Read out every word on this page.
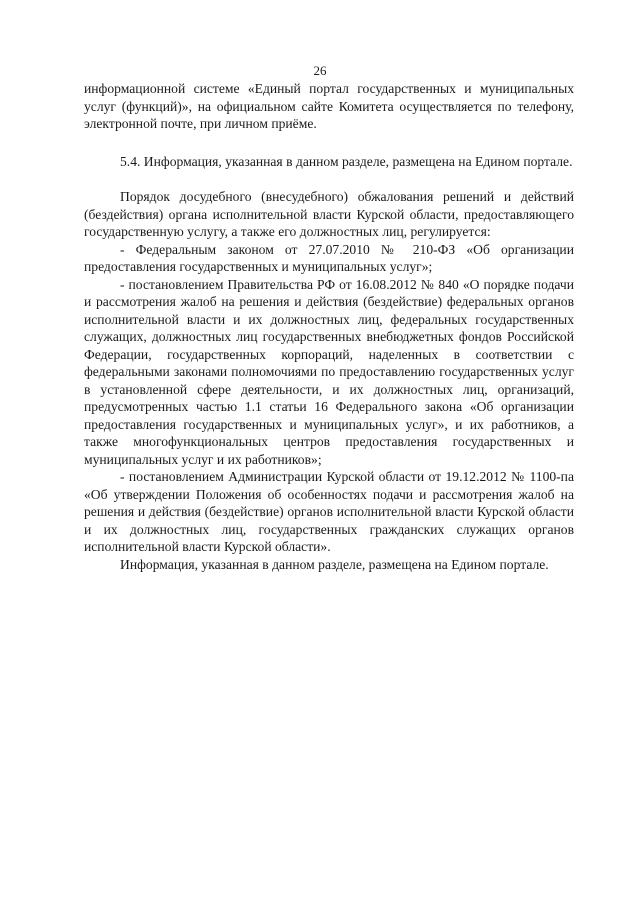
26

информационной системе «Единый портал государственных и муниципальных услуг (функций)», на официальном сайте Комитета осуществляется по телефону, электронной почте, при личном приёме.

5.4. Информация, указанная в данном разделе, размещена на Едином портале.

Порядок досудебного (внесудебного) обжалования решений и действий (бездействия) органа исполнительной власти Курской области, предоставляющего государственную услугу, а также его должностных лиц, регулируется:

- Федеральным законом от 27.07.2010 № 210-ФЗ «Об организации предоставления государственных и муниципальных услуг»;

- постановлением Правительства РФ от 16.08.2012 № 840 «О порядке подачи и рассмотрения жалоб на решения и действия (бездействие) федеральных органов исполнительной власти и их должностных лиц, федеральных государственных служащих, должностных лиц государственных внебюджетных фондов Российской Федерации, государственных корпораций, наделенных в соответствии с федеральными законами полномочиями по предоставлению государственных услуг в установленной сфере деятельности, и их должностных лиц, организаций, предусмотренных частью 1.1 статьи 16 Федерального закона «Об организации предоставления государственных и муниципальных услуг», и их работников, а также многофункциональных центров предоставления государственных и муниципальных услуг и их работников»;

- постановлением Администрации Курской области от 19.12.2012 № 1100-па «Об утверждении Положения об особенностях подачи и рассмотрения жалоб на решения и действия (бездействие) органов исполнительной власти Курской области и их должностных лиц, государственных гражданских служащих органов исполнительной власти Курской области».

Информация, указанная в данном разделе, размещена на Едином портале.
